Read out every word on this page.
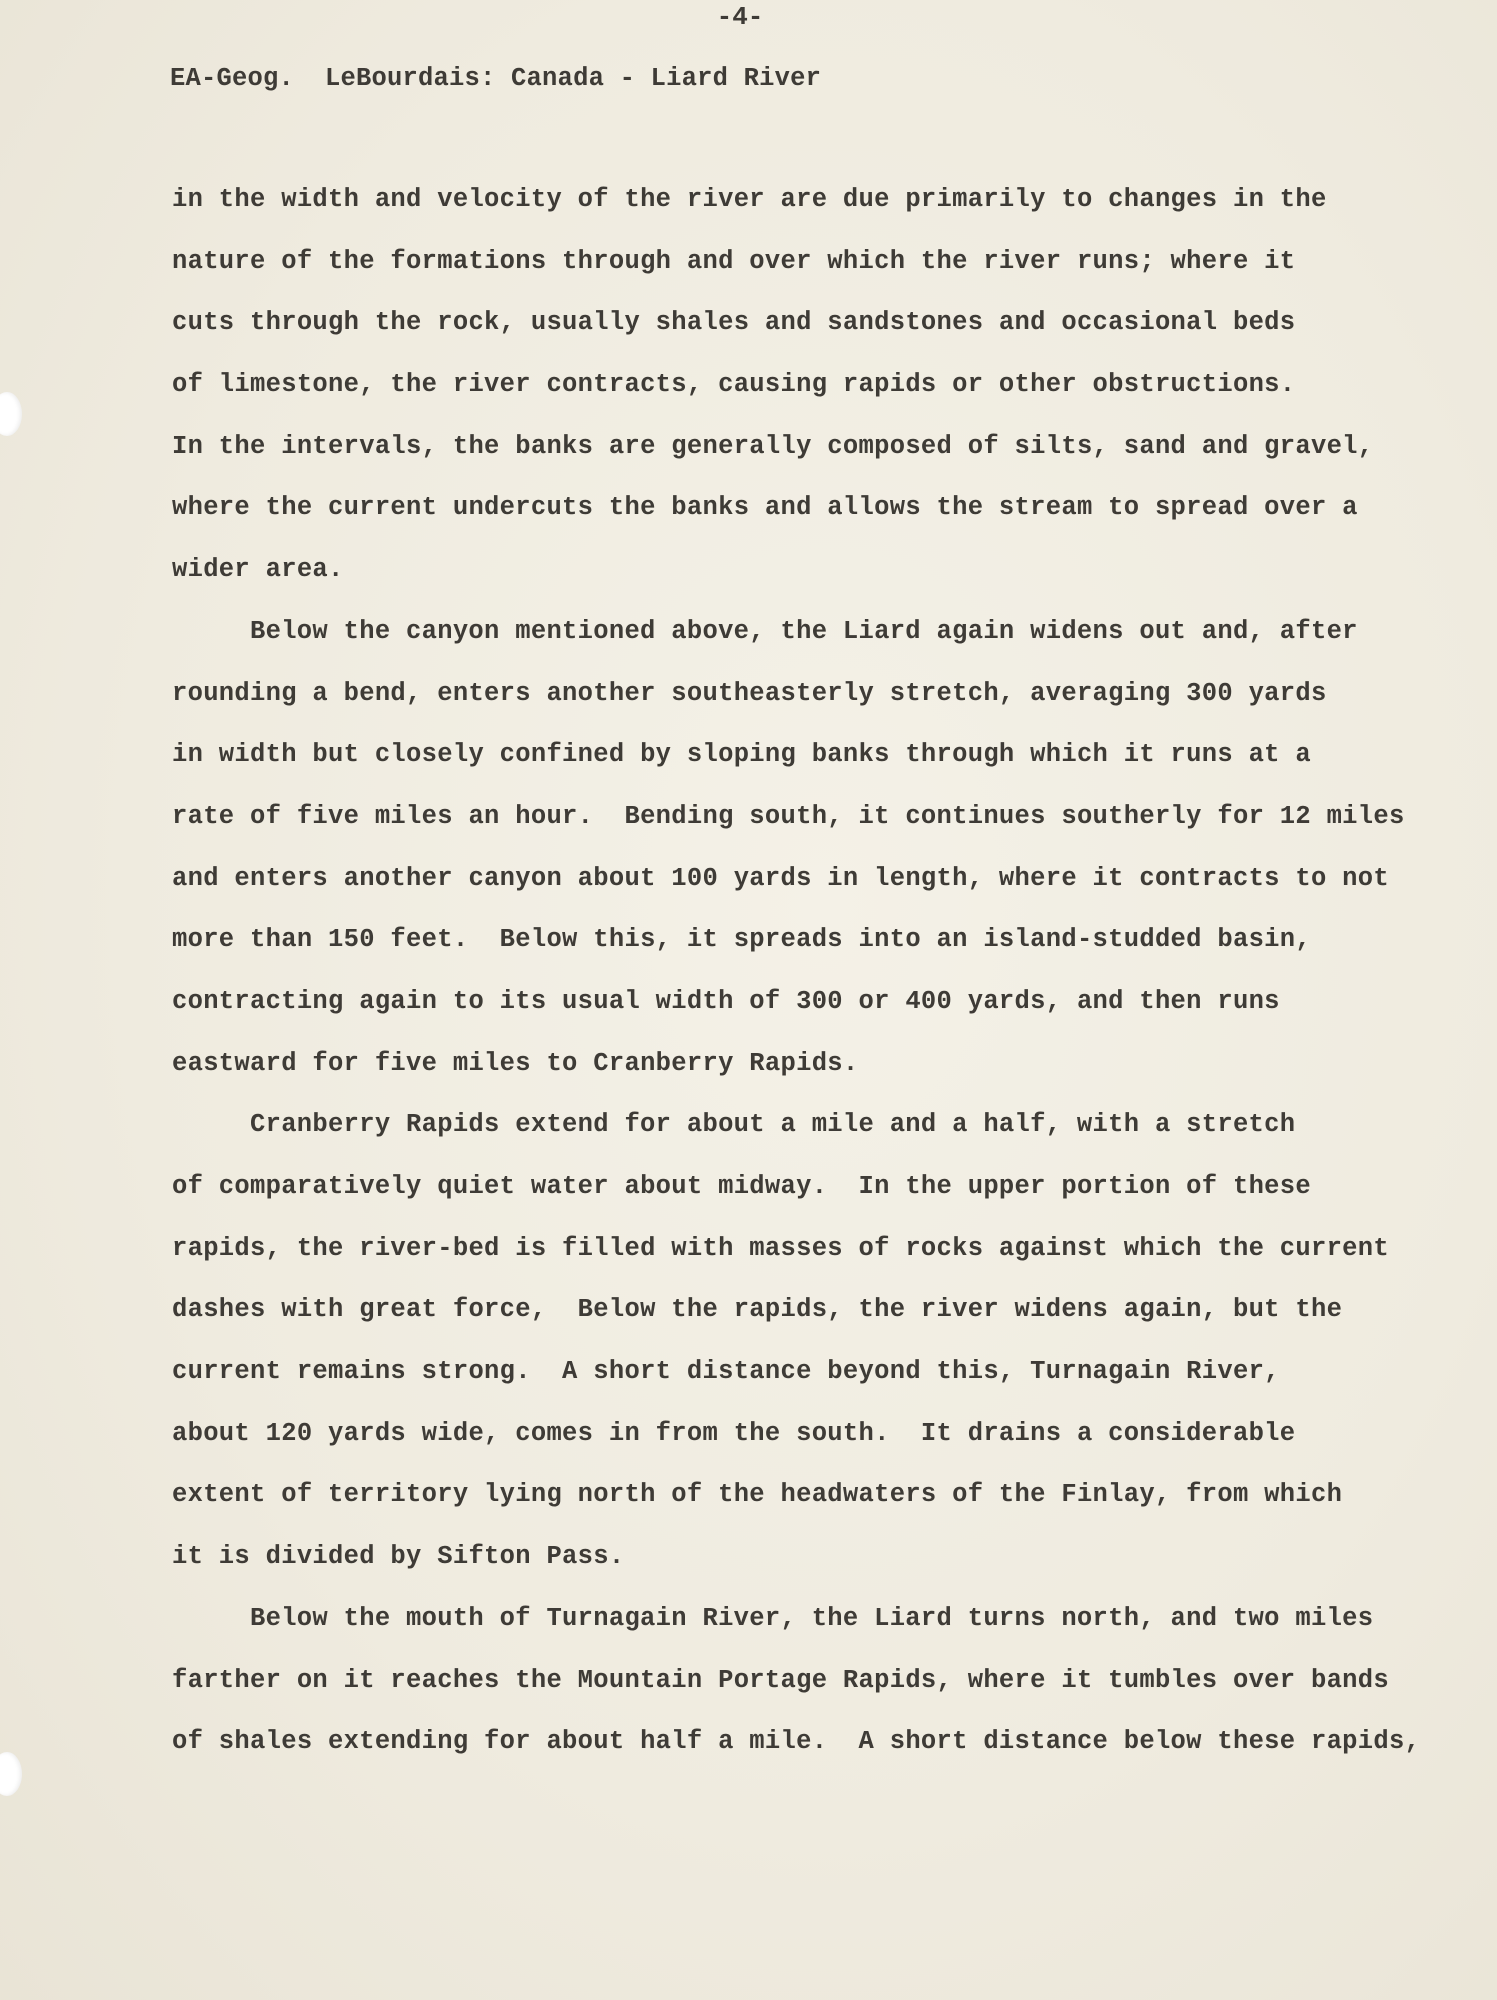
-4-
EA-Geog.  LeBourdais: Canada - Liard River
in the width and velocity of the river are due primarily to changes in the
nature of the formations through and over which the river runs; where it
cuts through the rock, usually shales and sandstones and occasional beds
of limestone, the river contracts, causing rapids or other obstructions.
In the intervals, the banks are generally composed of silts, sand and gravel,
where the current undercuts the banks and allows the stream to spread over a
wider area.
Below the canyon mentioned above, the Liard again widens out and, after
rounding a bend, enters another southeasterly stretch, averaging 300 yards
in width but closely confined by sloping banks through which it runs at a
rate of five miles an hour.  Bending south, it continues southerly for 12 miles
and enters another canyon about 100 yards in length, where it contracts to not
more than 150 feet.  Below this, it spreads into an island-studded basin,
contracting again to its usual width of 300 or 400 yards, and then runs
eastward for five miles to Cranberry Rapids.
Cranberry Rapids extend for about a mile and a half, with a stretch
of comparatively quiet water about midway.  In the upper portion of these
rapids, the river-bed is filled with masses of rocks against which the current
dashes with great force,  Below the rapids, the river widens again, but the
current remains strong.  A short distance beyond this, Turnagain River,
about 120 yards wide, comes in from the south.  It drains a considerable
extent of territory lying north of the headwaters of the Finlay, from which
it is divided by Sifton Pass.
Below the mouth of Turnagain River, the Liard turns north, and two miles
farther on it reaches the Mountain Portage Rapids, where it tumbles over bands
of shales extending for about half a mile.  A short distance below these rapids,
